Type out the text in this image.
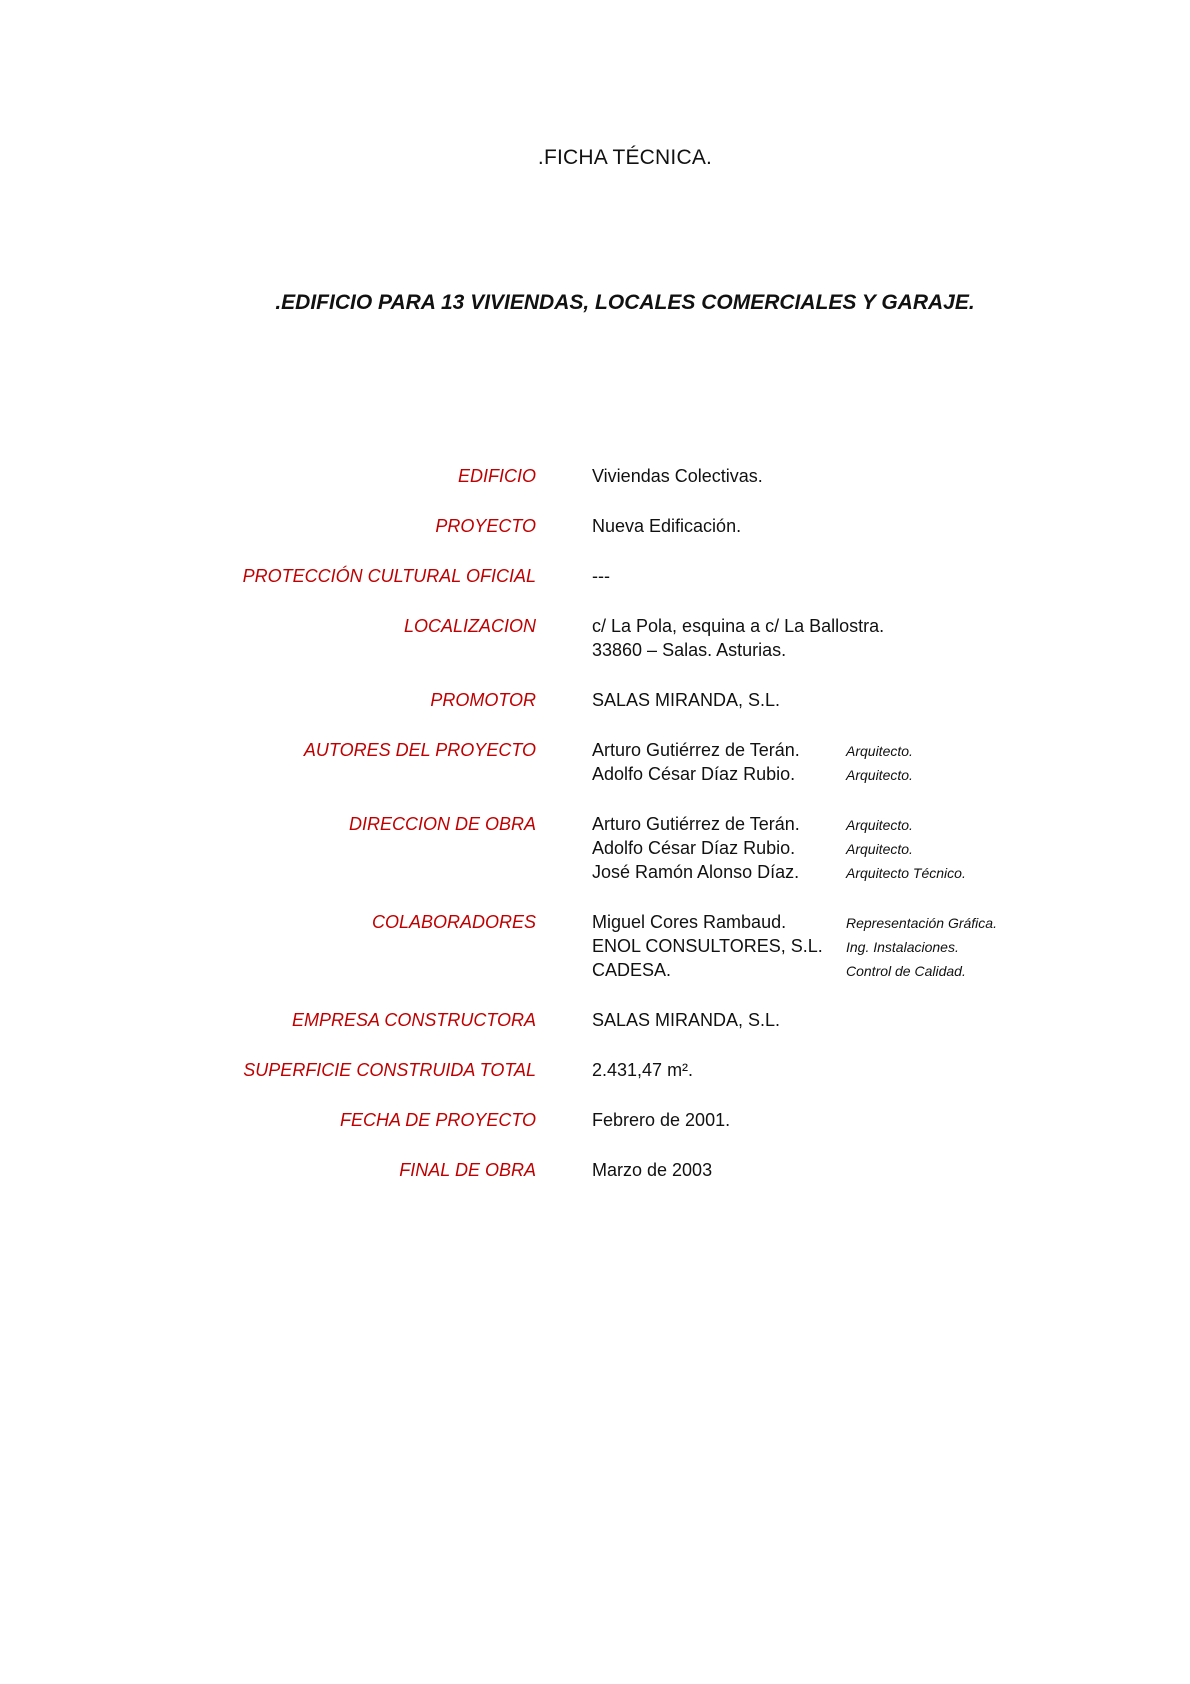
.FICHA TÉCNICA.
.EDIFICIO PARA 13 VIVIENDAS, LOCALES COMERCIALES Y GARAJE.
EDIFICIO	Viviendas Colectivas.
PROYECTO	Nueva Edificación.
PROTECCIÓN CULTURAL OFICIAL	---
LOCALIZACION	c/ La Pola, esquina a c/ La Ballostra.
33860 – Salas. Asturias.
PROMOTOR	SALAS MIRANDA, S.L.
AUTORES DEL PROYECTO	Arturo Gutiérrez de Terán.	Arquitecto.
Adolfo César Díaz Rubio.	Arquitecto.
DIRECCION DE OBRA	Arturo Gutiérrez de Terán.	Arquitecto.
Adolfo César Díaz Rubio.	Arquitecto.
José Ramón Alonso Díaz.	Arquitecto Técnico.
COLABORADORES	Miguel Cores Rambaud.	Representación Gráfica.
ENOL CONSULTORES, S.L. Ing. Instalaciones.
CADESA.	Control de Calidad.
EMPRESA CONSTRUCTORA	SALAS MIRANDA, S.L.
SUPERFICIE CONSTRUIDA TOTAL	2.431,47 m².
FECHA DE PROYECTO	Febrero de 2001.
FINAL DE OBRA	Marzo de 2003
